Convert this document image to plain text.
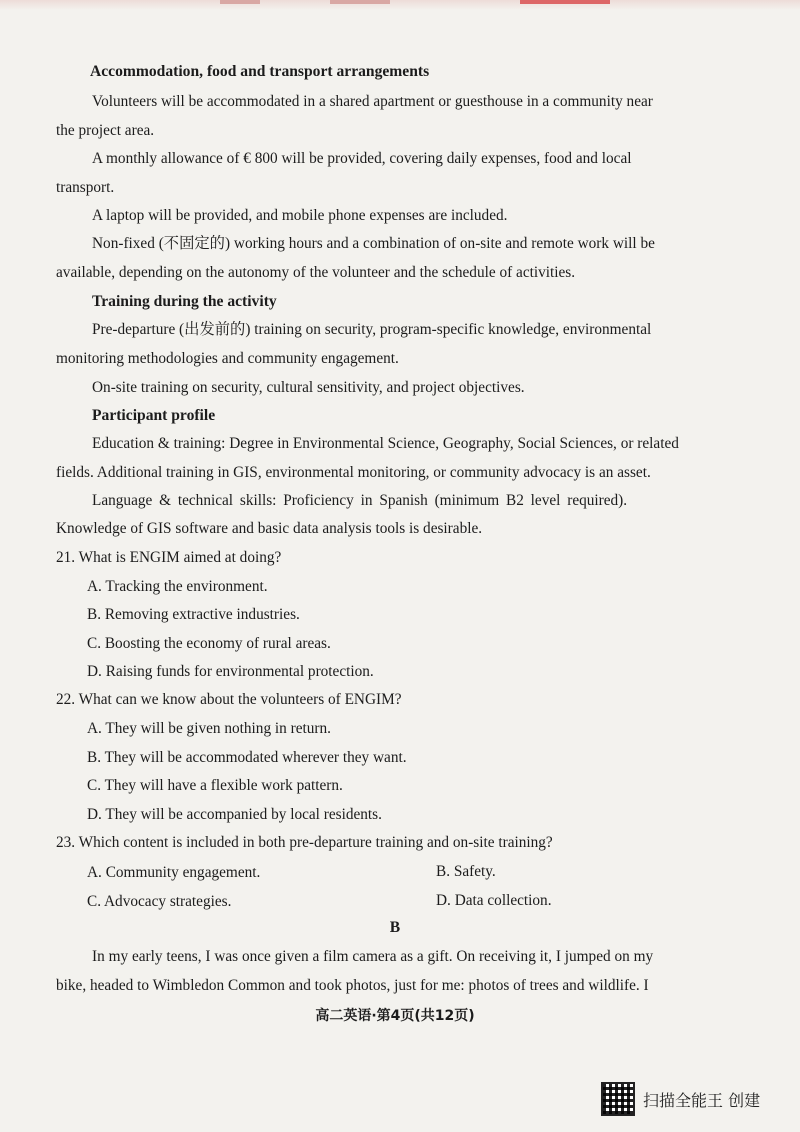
Accommodation, food and transport arrangements
Volunteers will be accommodated in a shared apartment or guesthouse in a community near
the project area.
A monthly allowance of € 800 will be provided, covering daily expenses, food and local
transport.
A laptop will be provided, and mobile phone expenses are included.
Non-fixed (不固定的) working hours and a combination of on-site and remote work will be
available, depending on the autonomy of the volunteer and the schedule of activities.
Training during the activity
Pre-departure (出发前的) training on security, program-specific knowledge, environmental
monitoring methodologies and community engagement.
On-site training on security, cultural sensitivity, and project objectives.
Participant profile
Education & training: Degree in Environmental Science, Geography, Social Sciences, or related
fields. Additional training in GIS, environmental monitoring, or community advocacy is an asset.
Language & technical skills: Proficiency in Spanish (minimum B2 level required).
Knowledge of GIS software and basic data analysis tools is desirable.
21. What is ENGIM aimed at doing?
A. Tracking the environment.
B. Removing extractive industries.
C. Boosting the economy of rural areas.
D. Raising funds for environmental protection.
22. What can we know about the volunteers of ENGIM?
A. They will be given nothing in return.
B. They will be accommodated wherever they want.
C. They will have a flexible work pattern.
D. They will be accompanied by local residents.
23. Which content is included in both pre-departure training and on-site training?
A. Community engagement.	B. Safety.
C. Advocacy strategies.	D. Data collection.
B
In my early teens, I was once given a film camera as a gift. On receiving it, I jumped on my
bike, headed to Wimbledon Common and took photos, just for me: photos of trees and wildlife. I
高二英语·第4页(共12页)
扫描全能王 创建
